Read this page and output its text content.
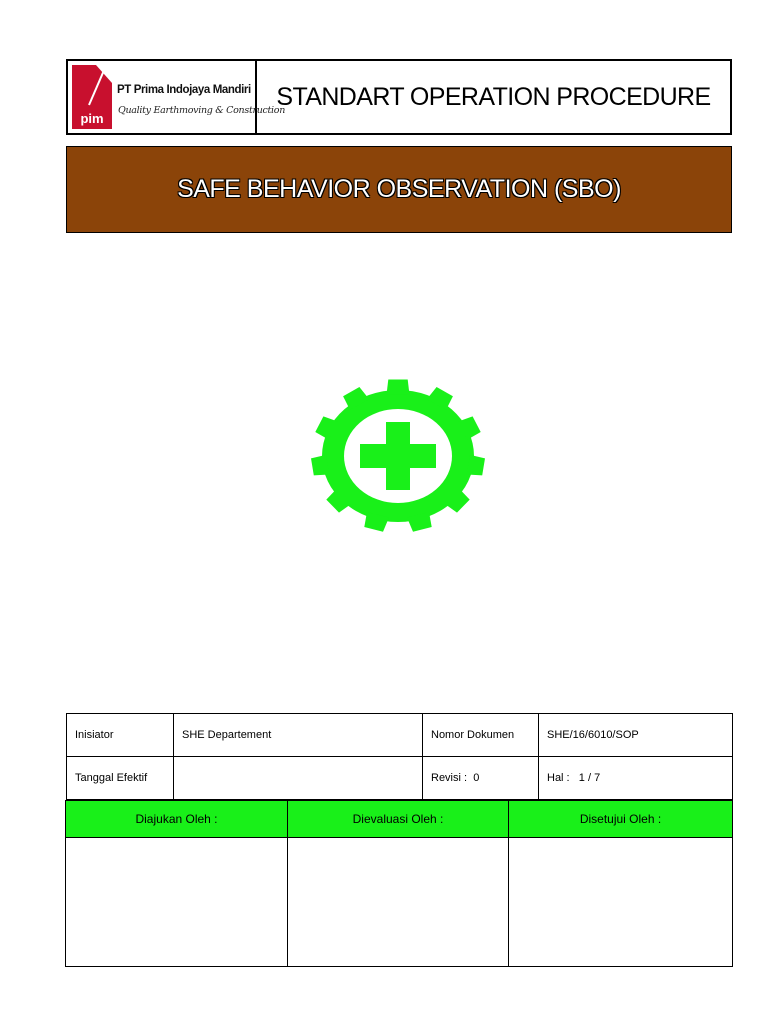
pim
PT Prima Indojaya Mandiri
Quality Earthmoving & Construction
STANDART OPERATION PROCEDURE
SAFE BEHAVIOR OBSERVATION (SBO)
Inisiator	SHE Departement	Nomor Dokumen	SHE/16/6010/SOP
Tanggal Efektif		Revisi : 0	Hal : 1 / 7
Diajukan Oleh :	Dievaluasi Oleh :	Disetujui Oleh :
